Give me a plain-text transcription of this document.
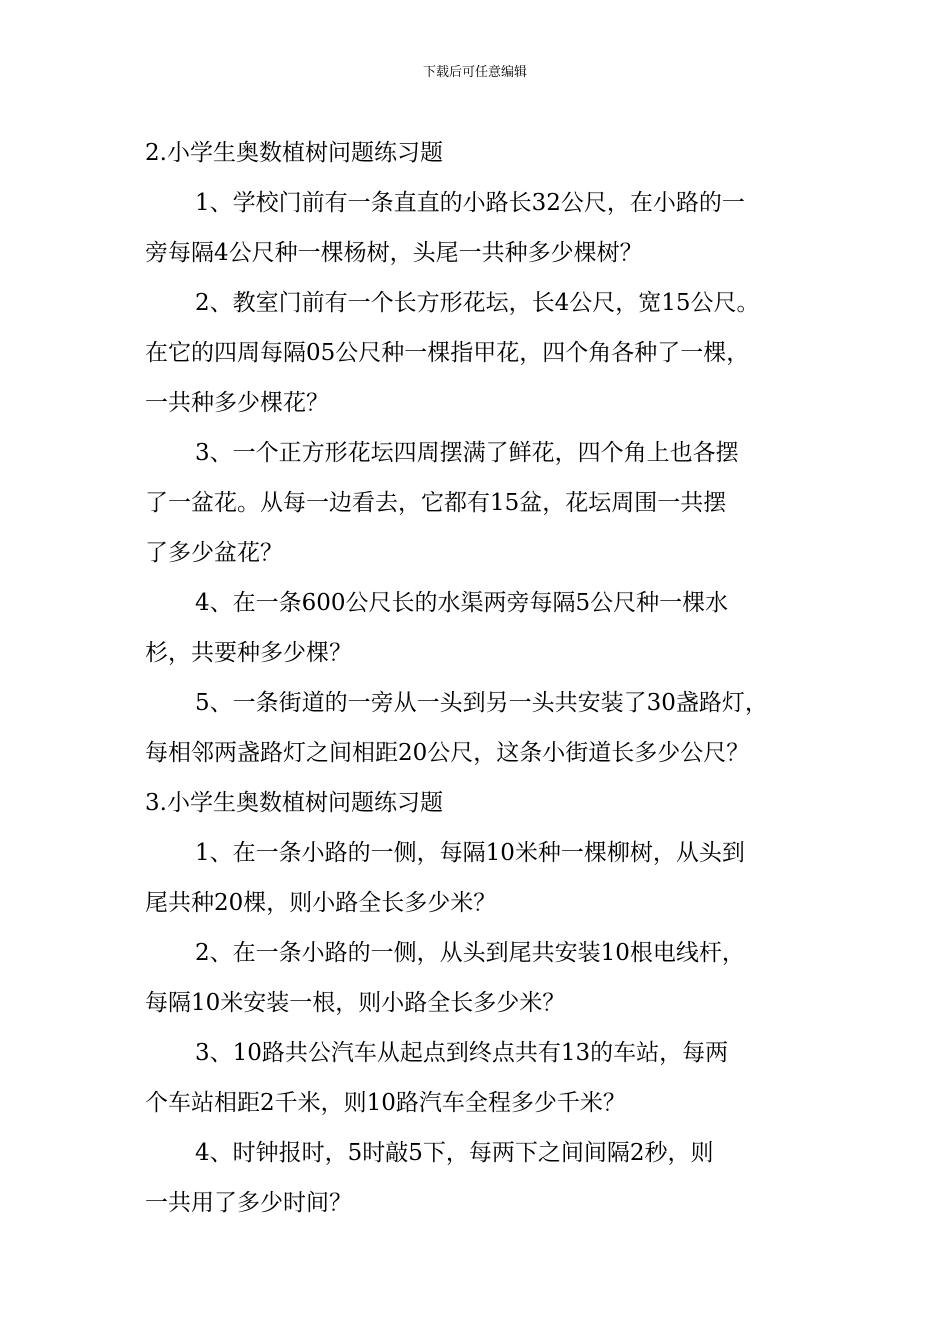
下载后可任意编辑
2.小学生奥数植树问题练习题
1、学校门前有一条直直的小路长32公尺，在小路的一
旁每隔4公尺种一棵杨树，头尾一共种多少棵树？
2、教室门前有一个长方形花坛，长4公尺，宽15公尺。
在它的四周每隔05公尺种一棵指甲花，四个角各种了一棵，
一共种多少棵花？
3、一个正方形花坛四周摆满了鲜花，四个角上也各摆
了一盆花。从每一边看去，它都有15盆，花坛周围一共摆
了多少盆花？
4、在一条600公尺长的水渠两旁每隔5公尺种一棵水
杉，共要种多少棵？
5、一条街道的一旁从一头到另一头共安装了30盏路灯，
每相邻两盏路灯之间相距20公尺，这条小街道长多少公尺？
3.小学生奥数植树问题练习题
1、在一条小路的一侧，每隔10米种一棵柳树，从头到
尾共种20棵，则小路全长多少米？
2、在一条小路的一侧，从头到尾共安装10根电线杆，
每隔10米安装一根，则小路全长多少米？
3、10路共公汽车从起点到终点共有13的车站，每两
个车站相距2千米，则10路汽车全程多少千米？
4、时钟报时，5时敲5下，每两下之间间隔2秒，则
一共用了多少时间？
